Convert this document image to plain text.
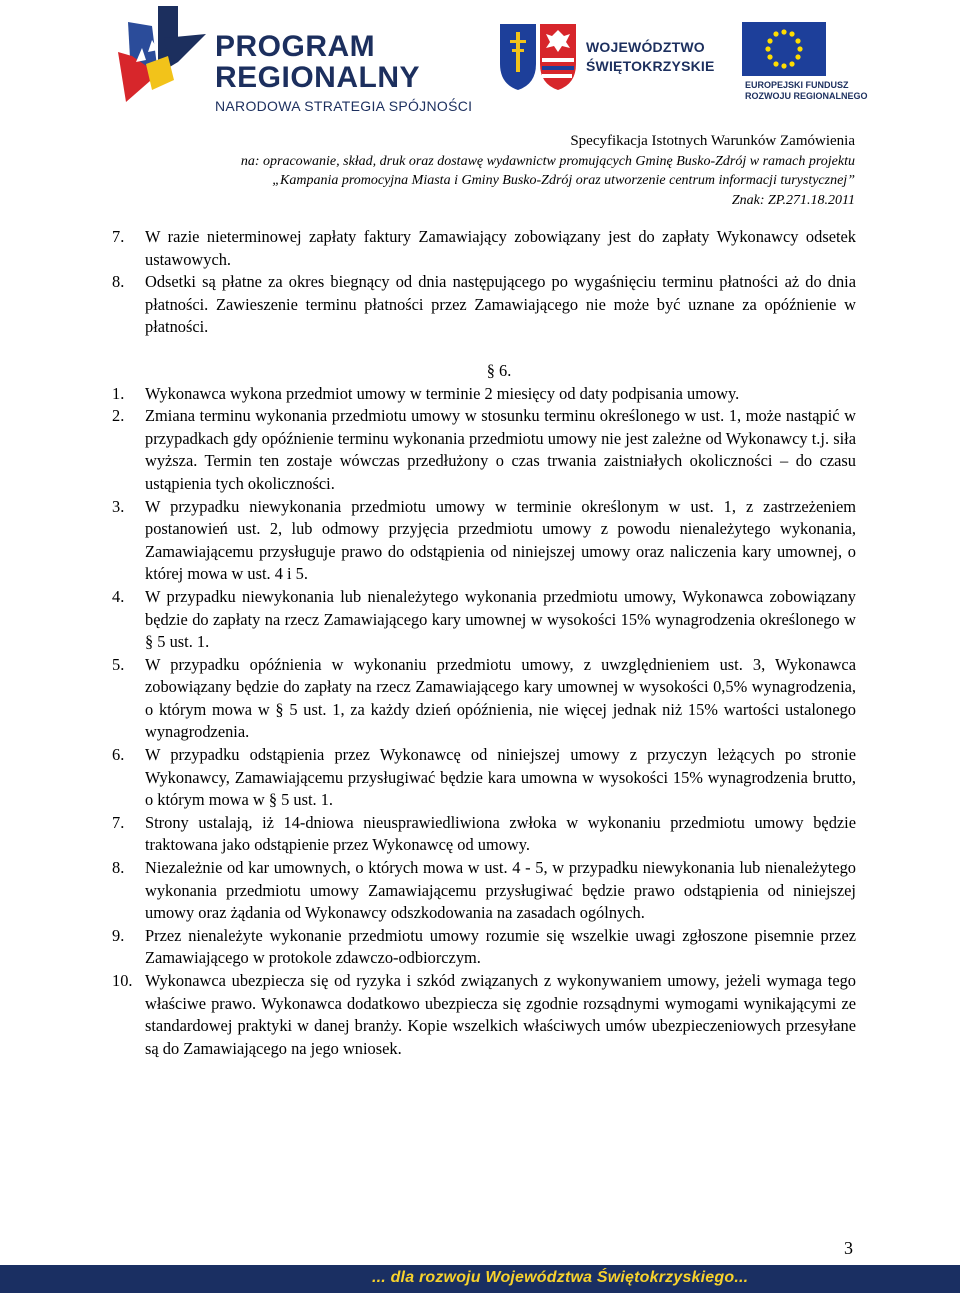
PROGRAM
REGIONALNY
NARODOWA STRATEGIA SPÓJNOŚCI
WOJEWÓDZTWO
ŚWIĘTOKRZYSKIE
EUROPEJSKI FUNDUSZ
ROZWOJU REGIONALNEGO
Specyfikacja Istotnych Warunków Zamówienia
na: opracowanie, skład, druk oraz dostawę wydawnictw promujących Gminę Busko-Zdrój w ramach projektu
„Kampania promocyjna Miasta i Gminy Busko-Zdrój oraz utworzenie centrum informacji turystycznej”
Znak: ZP.271.18.2011
7. W razie nieterminowej zapłaty faktury Zamawiający zobowiązany jest do zapłaty Wykonawcy odsetek ustawowych.
8. Odsetki są płatne za okres biegnący od dnia następującego po wygaśnięciu terminu płatności aż do dnia płatności. Zawieszenie terminu płatności przez Zamawiającego nie może być uznane za opóźnienie w płatności.
§ 6.
1. Wykonawca wykona przedmiot umowy w terminie 2 miesięcy od daty podpisania umowy.
2. Zmiana terminu wykonania przedmiotu umowy w stosunku terminu określonego w ust. 1, może nastąpić w przypadkach gdy opóźnienie terminu wykonania przedmiotu umowy nie jest zależne od Wykonawcy t.j. siła wyższa. Termin ten zostaje wówczas przedłużony o czas trwania zaistniałych okoliczności – do czasu ustąpienia tych okoliczności.
3. W przypadku niewykonania przedmiotu umowy w terminie określonym w ust. 1, z zastrzeżeniem postanowień ust. 2, lub odmowy przyjęcia przedmiotu umowy z powodu nienależytego wykonania, Zamawiającemu przysługuje prawo do odstąpienia od niniejszej umowy oraz naliczenia kary umownej, o której mowa w ust. 4 i 5.
4. W przypadku niewykonania lub nienależytego wykonania przedmiotu umowy, Wykonawca zobowiązany będzie do zapłaty na rzecz Zamawiającego kary umownej w wysokości 15% wynagrodzenia określonego w § 5 ust. 1.
5. W przypadku opóźnienia w wykonaniu przedmiotu umowy, z uwzględnieniem ust. 3, Wykonawca zobowiązany będzie do zapłaty na rzecz Zamawiającego kary umownej w wysokości 0,5% wynagrodzenia, o którym mowa w § 5 ust. 1, za każdy dzień opóźnienia, nie więcej jednak niż 15% wartości ustalonego wynagrodzenia.
6. W przypadku odstąpienia przez Wykonawcę od niniejszej umowy z przyczyn leżących po stronie Wykonawcy, Zamawiającemu przysługiwać będzie kara umowna w wysokości 15% wynagrodzenia brutto, o którym mowa w § 5 ust. 1.
7. Strony ustalają, iż 14-dniowa nieusprawiedliwiona zwłoka w wykonaniu przedmiotu umowy będzie traktowana jako odstąpienie przez Wykonawcę od umowy.
8. Niezależnie od kar umownych, o których mowa w ust. 4 - 5, w przypadku niewykonania lub nienależytego wykonania przedmiotu umowy Zamawiającemu przysługiwać będzie prawo odstąpienia od niniejszej umowy oraz żądania od Wykonawcy odszkodowania na zasadach ogólnych.
9. Przez nienależyte wykonanie przedmiotu umowy rozumie się wszelkie uwagi zgłoszone pisemnie przez Zamawiającego w protokole zdawczo-odbiorczym.
10. Wykonawca ubezpiecza się od ryzyka i szkód związanych z wykonywaniem umowy, jeżeli wymaga tego właściwe prawo. Wykonawca dodatkowo ubezpiecza się zgodnie rozsądnymi wymogami wynikającymi ze standardowej praktyki w danej branży. Kopie wszelkich właściwych umów ubezpieczeniowych przesyłane są do Zamawiającego na jego wniosek.
3
... dla rozwoju Województwa Świętokrzyskiego...
